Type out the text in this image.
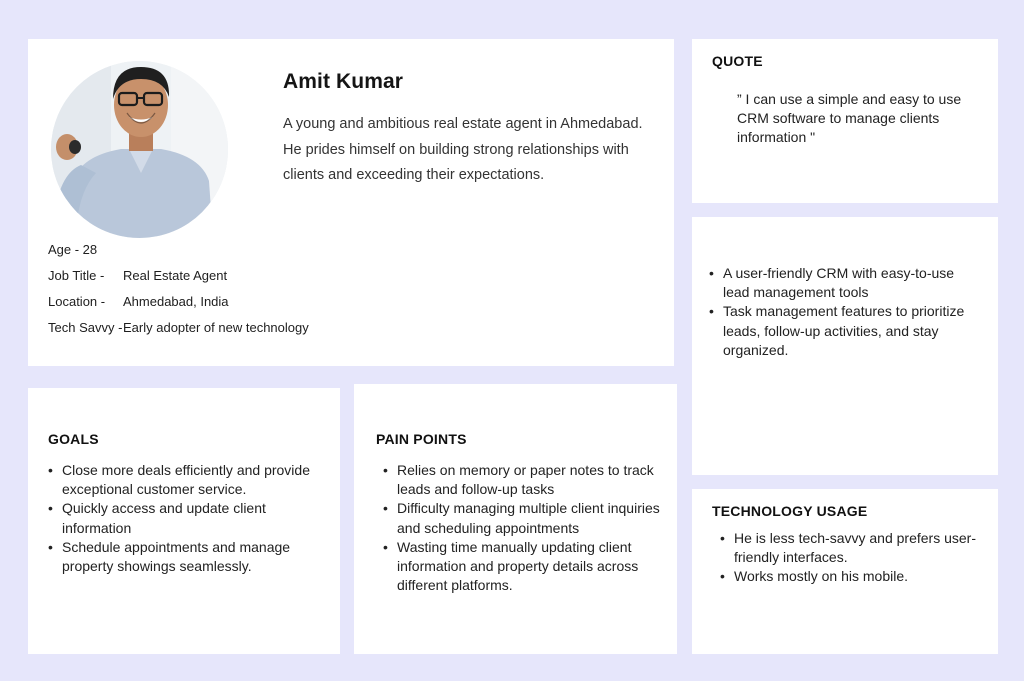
Amit Kumar
A young and ambitious real estate agent in Ahmedabad. He prides himself on building strong relationships with clients and exceeding their expectations.
Age - 28
Job Title - Real Estate Agent
Location - Ahmedabad, India
Tech Savvy - Early adopter of new technology
QUOTE
” I can use a simple and easy to use CRM software to manage clients information "
• A user-friendly CRM with easy-to-use lead management tools
• Task management features to prioritize leads, follow-up activities, and stay organized.
GOALS
• Close more deals efficiently and provide exceptional customer service.
• Quickly access and update client information
• Schedule appointments and manage property showings seamlessly.
PAIN POINTS
• Relies on memory or paper notes to track leads and follow-up tasks
• Difficulty managing multiple client inquiries and scheduling appointments
• Wasting time manually updating client information and property details across different platforms.
TECHNOLOGY USAGE
• He is less tech-savvy and prefers user-friendly interfaces.
• Works mostly on his mobile.
